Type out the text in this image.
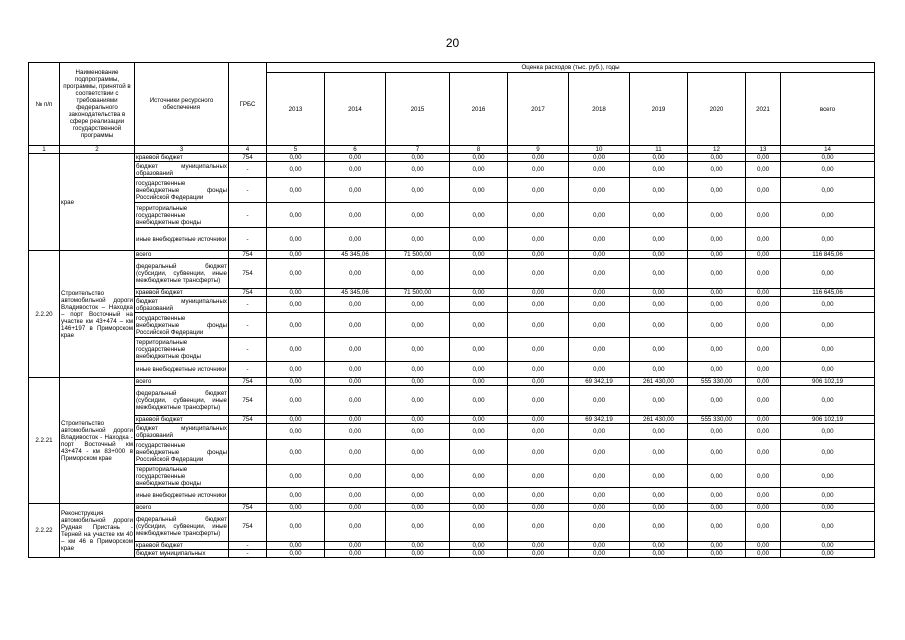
20
№ п/п	Наименование подпрограммы, программы, принятой в соответствии с требованиями федерального законодательства в сфере реализации государственной программы	Источники ресурсного обеспечения	ГРБС	Оценка расходов (тыс. руб.), годы									
				2013	2014	2015	2016	2017	2018	2019	2020	2021	всего
1	2	3	4	5	6	7	8	9	10	11	12	13	14
	крае	краевой бюджет	754	0,00	0,00	0,00	0,00	0,00	0,00	0,00	0,00	0,00	0,00
		бюджет муниципальных образований	-	0,00	0,00	0,00	0,00	0,00	0,00	0,00	0,00	0,00	0,00
		государственные внебюджетные фонды Российской Федерации	-	0,00	0,00	0,00	0,00	0,00	0,00	0,00	0,00	0,00	0,00
		территориальные государственные внебюджетные фонды	-	0,00	0,00	0,00	0,00	0,00	0,00	0,00	0,00	0,00	0,00
		иные внебюджетные источники	-	0,00	0,00	0,00	0,00	0,00	0,00	0,00	0,00	0,00	0,00
2.2.20	Строительство автомобильной дороги Владивосток – Находка – порт Восточный на участке км 43+474 – км 146+197 в Приморском крае	всего	754	0,00	45 345,06	71 500,00	0,00	0,00	0,00	0,00	0,00	0,00	116 845,06
		федеральный бюджет (субсидии, субвенции, иные межбюджетные трансферты)	754	0,00	0,00	0,00	0,00	0,00	0,00	0,00	0,00	0,00	0,00
		краевой бюджет	754	0,00	45 345,06	71 500,00	0,00	0,00	0,00	0,00	0,00	0,00	116 645,06
		бюджет муниципальных образований	-	0,00	0,00	0,00	0,00	0,00	0,00	0,00	0,00	0,00	0,00
		государственные внебюджетные фонды Российской Федерации	-	0,00	0,00	0,00	0,00	0,00	0,00	0,00	0,00	0,00	0,00
		территориальные государственные внебюджетные фонды	-	0,00	0,00	0,00	0,00	0,00	0,00	0,00	0,00	0,00	0,00
		иные внебюджетные источники	-	0,00	0,00	0,00	0,00	0,00	0,00	0,00	0,00	0,00	0,00
2.2.21	Строительство автомобильной дороги Владивосток - Находка - порт Восточный км 43+474 - км 83+000 в Приморском крае	всего	754	0,00	0,00	0,00	0,00	0,00	69 342,19	261 430,00	555 330,00	0,00	906 102,19
		федеральный бюджет (субсидии, субвенции, иные межбюджетные трансферты)	754	0,00	0,00	0,00	0,00	0,00	0,00	0,00	0,00	0,00	0,00
		краевой бюджет	754	0,00	0,00	0,00	0,00	0,00	69 342,19	261 430,00	555 330,00	0,00	906 102,19
		бюджет муниципальных образований		0,00	0,00	0,00	0,00	0,00	0,00	0,00	0,00	0,00	0,00
		государственные внебюджетные фонды Российской Федерации		0,00	0,00	0,00	0,00	0,00	0,00	0,00	0,00	0,00	0,00
		территориальные государственные внебюджетные фонды		0,00	0,00	0,00	0,00	0,00	0,00	0,00	0,00	0,00	0,00
		иные внебюджетные источники		0,00	0,00	0,00	0,00	0,00	0,00	0,00	0,00	0,00	0,00
2.2.22	Реконструкция автомобильной дороги Рудная Пристань - Терней на участке км 40 – км 46 в Приморском крае	всего	754	0,00	0,00	0,00	0,00	0,00	0,00	0,00	0,00	0,00	0,00
		федеральный бюджет (субсидии, субвенции, иные межбюджетные трансферты)	754	0,00	0,00	0,00	0,00	0,00	0,00	0,00	0,00	0,00	0,00
		краевой бюджет	-	0,00	0,00	0,00	0,00	0,00	0,00	0,00	0,00	0,00	0,00
		бюджет муниципальных	-	0,00	0,00	0,00	0,00	0,00	0,00	0,00	0,00	0,00	0,00
